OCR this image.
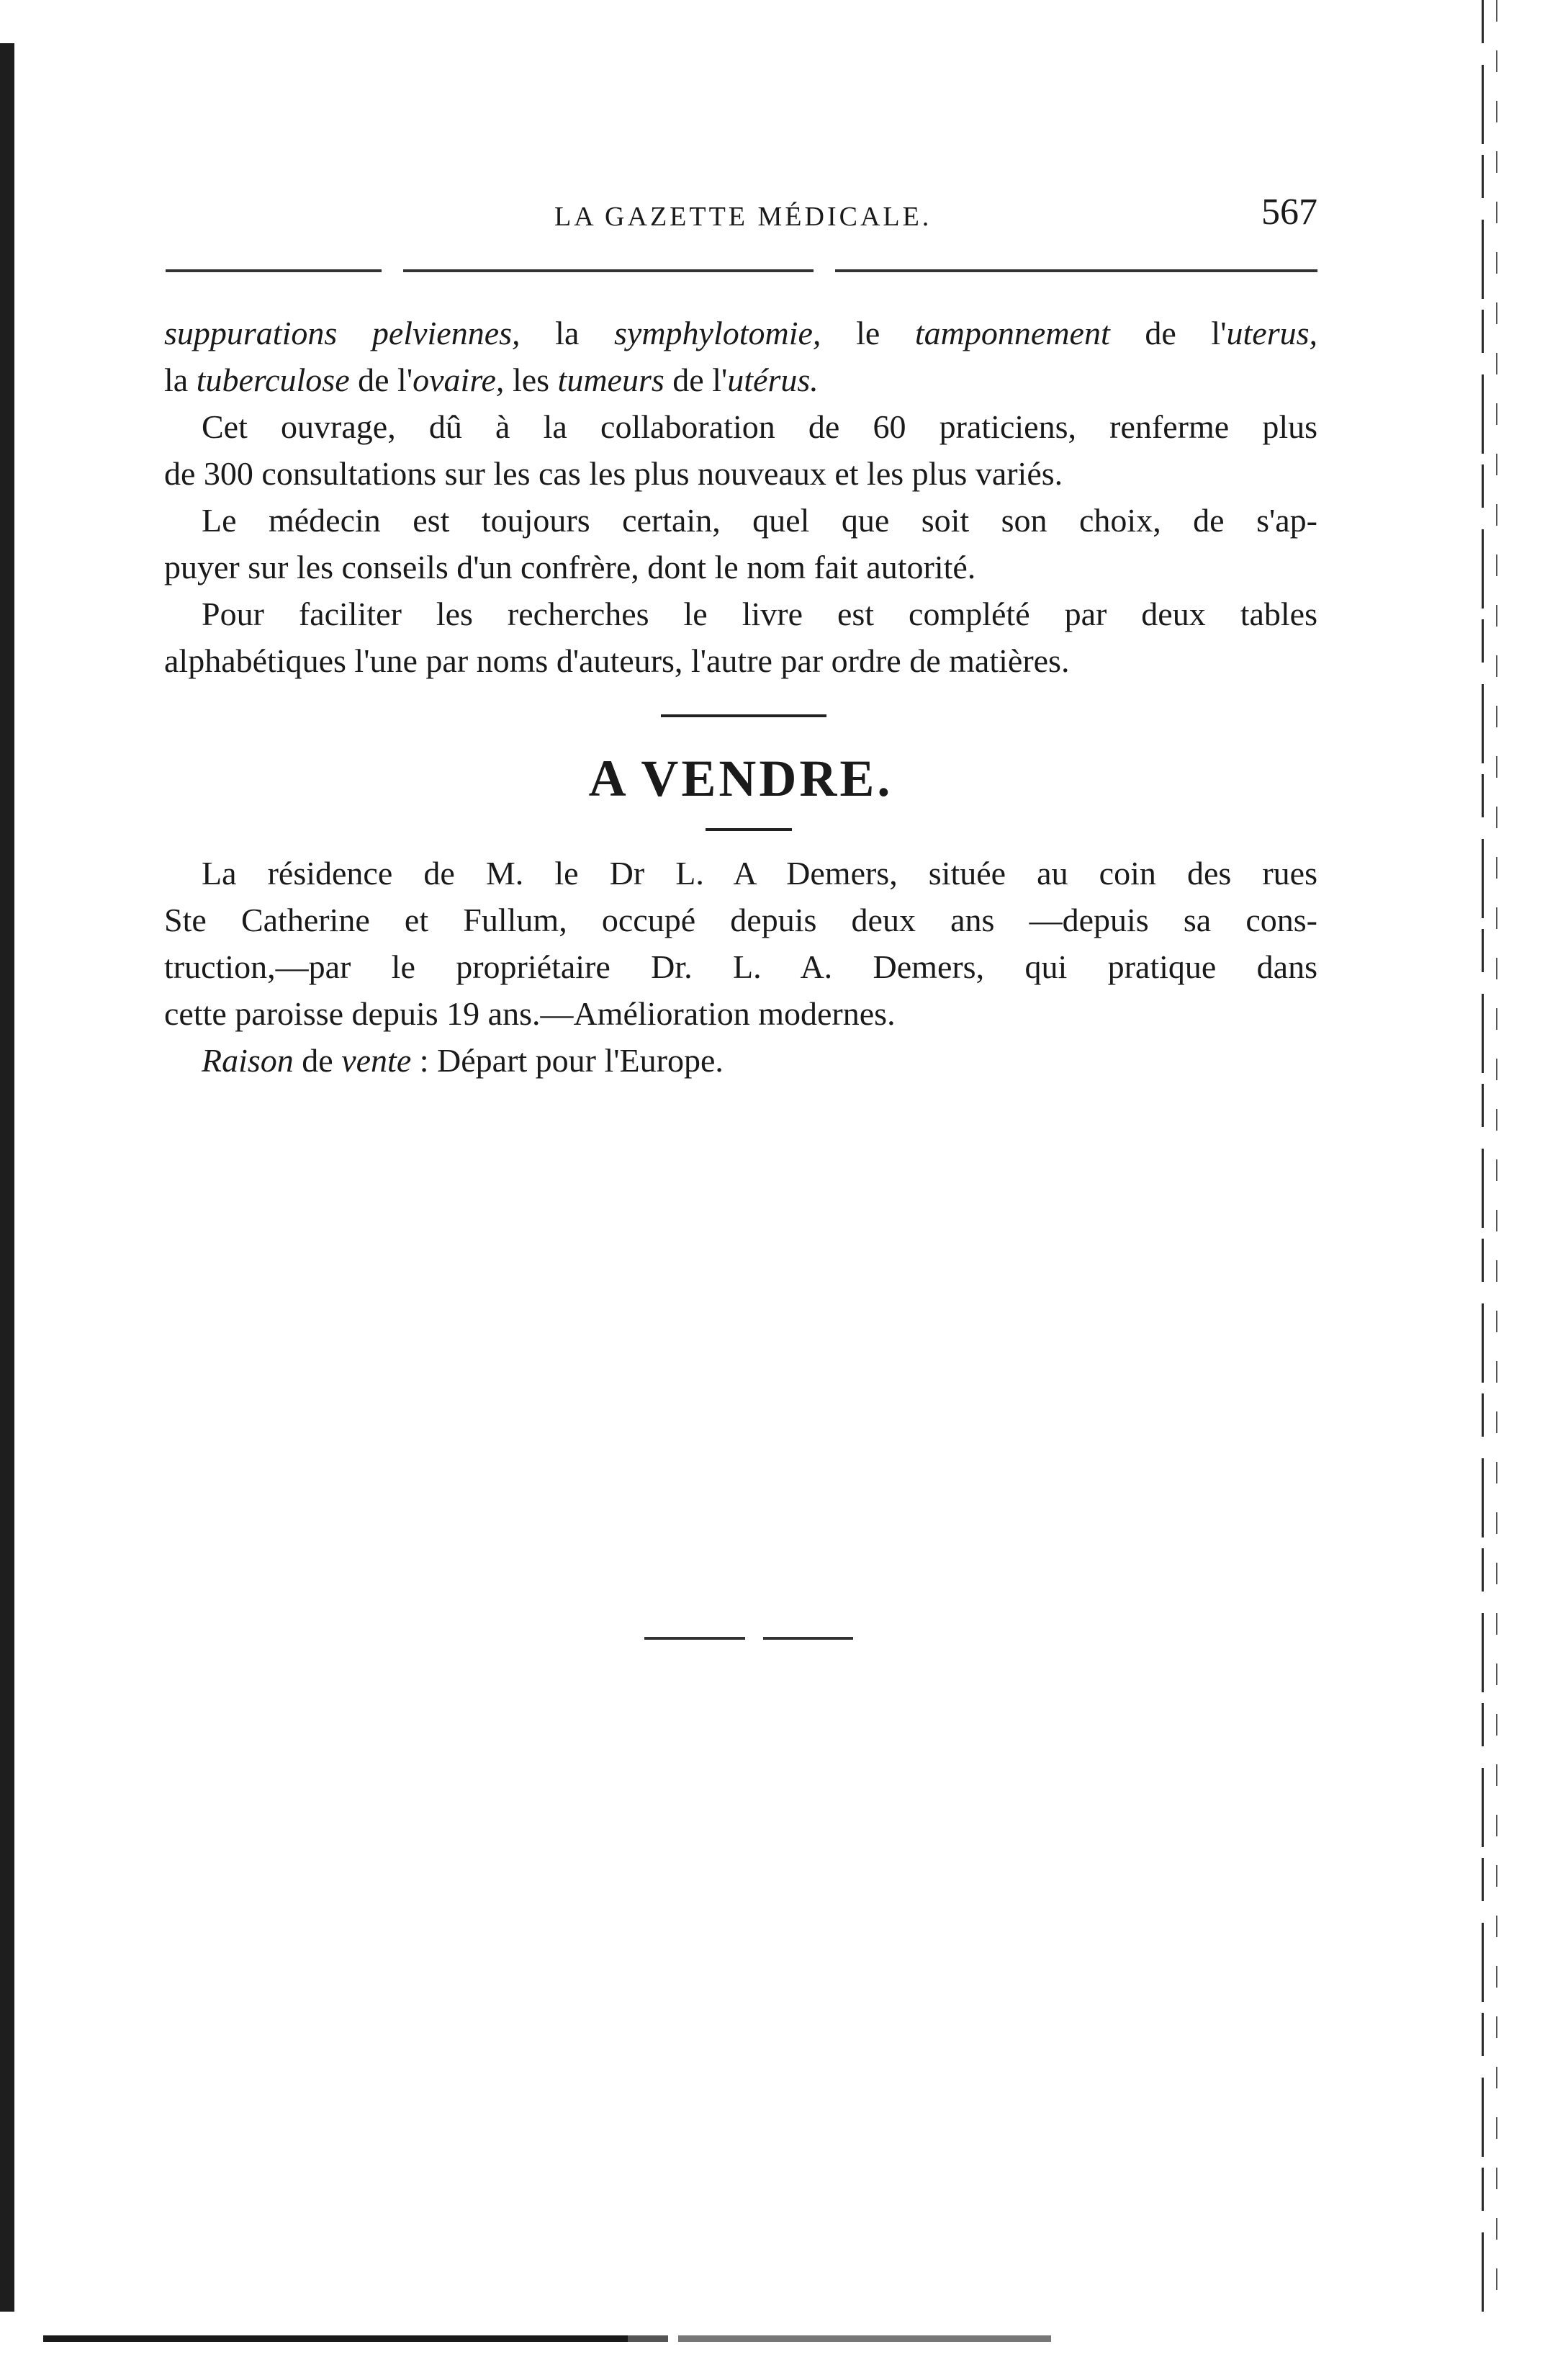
LA GAZETTE MÉDICALE.	567
suppurations pelviennes, la symphylotomie, le tamponnement de l'uterus,
la tuberculose de l'ovaire, les tumeurs de l'utérus.
Cet ouvrage, dû à la collaboration de 60 praticiens, renferme plus
de 300 consultations sur les cas les plus nouveaux et les plus variés.
Le médecin est toujours certain, quel que soit son choix, de s'ap-
puyer sur les conseils d'un confrère, dont le nom fait autorité.
Pour faciliter les recherches le livre est complété par deux tables
alphabétiques l'une par noms d'auteurs, l'autre par ordre de matières.
A VENDRE.
La résidence de M. le Dr L. A Demers, située au coin des rues
Ste Catherine et Fullum, occupé depuis deux ans —depuis sa cons-
truction,—par le propriétaire Dr. L. A. Demers, qui pratique dans
cette paroisse depuis 19 ans.—Amélioration modernes.
Raison de vente : Départ pour l'Europe.
